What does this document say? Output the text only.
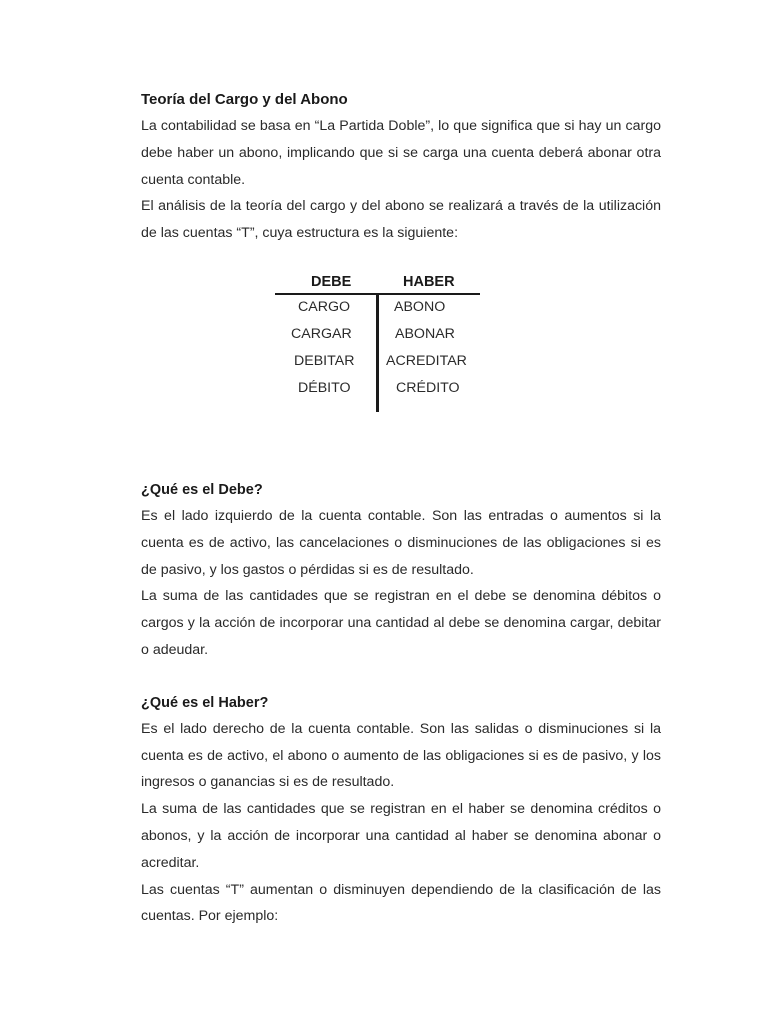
Teoría del Cargo y del Abono

La contabilidad se basa en “La Partida Doble”, lo que significa que si hay un cargo debe haber un abono, implicando que si se carga una cuenta deberá abonar otra cuenta contable.

El análisis de la teoría del cargo y del abono se realizará a través de la utilización de las cuentas “T”, cuya estructura es la siguiente:

DEBE	HABER
CARGO
CARGAR
DEBITAR
DÉBITO
ABONO
ABONAR
ACREDITAR
CRÉDITO
¿Qué es el Debe?

Es el lado izquierdo de la cuenta contable. Son las entradas o aumentos si la cuenta es de activo, las cancelaciones o disminuciones de las obligaciones si es de pasivo, y los gastos o pérdidas si es de resultado.

La suma de las cantidades que se registran en el debe se denomina débitos o cargos y la acción de incorporar una cantidad al debe se denomina cargar, debitar o adeudar.

¿Qué es el Haber?

Es el lado derecho de la cuenta contable. Son las salidas o disminuciones si la cuenta es de activo, el abono o aumento de las obligaciones si es de pasivo, y los ingresos o ganancias si es de resultado.

La suma de las cantidades que se registran en el haber se denomina créditos o abonos, y la acción de incorporar una cantidad al haber se denomina abonar o acreditar.

Las cuentas “T” aumentan o disminuyen dependiendo de la clasificación de las cuentas. Por ejemplo:
